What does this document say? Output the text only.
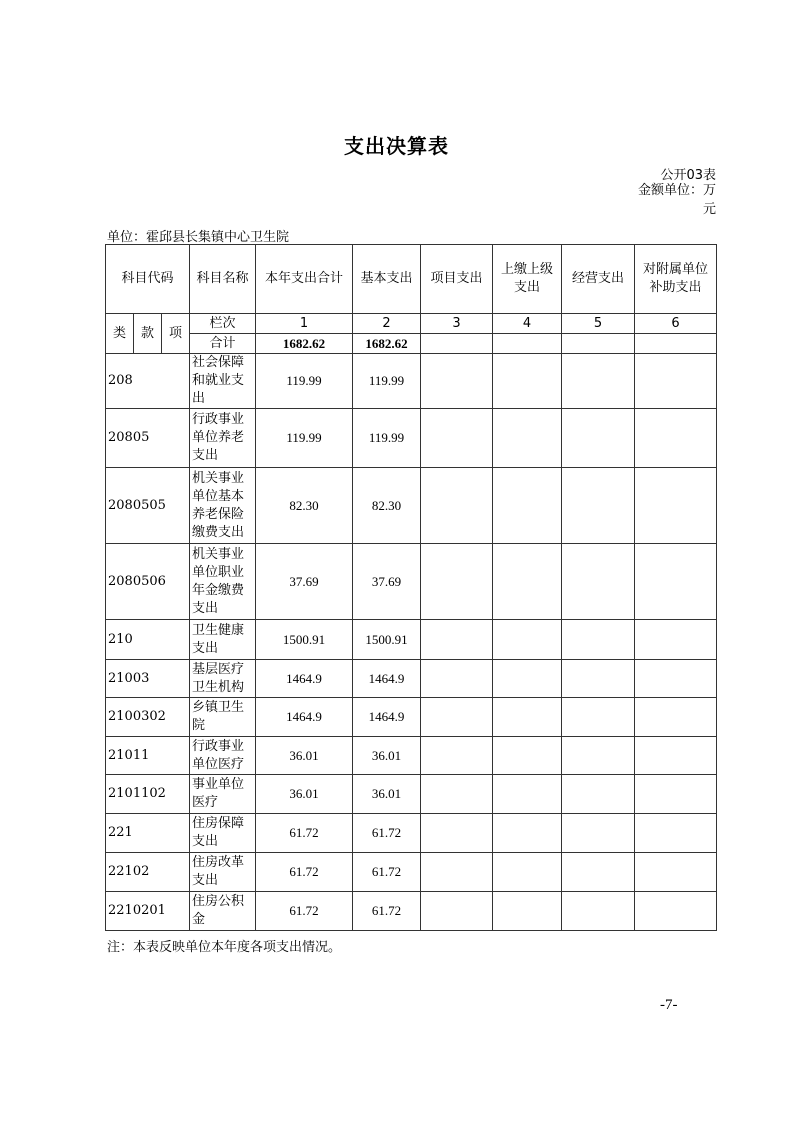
支出决算表
公开03表
金额单位：万元
单位：霍邱县长集镇中心卫生院
科目代码			科目名称	本年支出合计	基本支出	项目支出	上缴上级支出	经营支出	对附属单位补助支出
类	款	项	栏次	1	2	3	4	5	6
			合计	1682.62	1682.62				
208			社会保障和就业支出	119.99	119.99				
20805			行政事业单位养老支出	119.99	119.99				
2080505			机关事业单位基本养老保险缴费支出	82.30	82.30				
2080506			机关事业单位职业年金缴费支出	37.69	37.69				
210			卫生健康支出	1500.91	1500.91				
21003			基层医疗卫生机构	1464.9	1464.9				
2100302			乡镇卫生院	1464.9	1464.9				
21011			行政事业单位医疗	36.01	36.01				
2101102			事业单位医疗	36.01	36.01				
221			住房保障支出	61.72	61.72				
22102			住房改革支出	61.72	61.72				
2210201			住房公积金	61.72	61.72				
注：本表反映单位本年度各项支出情况。
-7-
